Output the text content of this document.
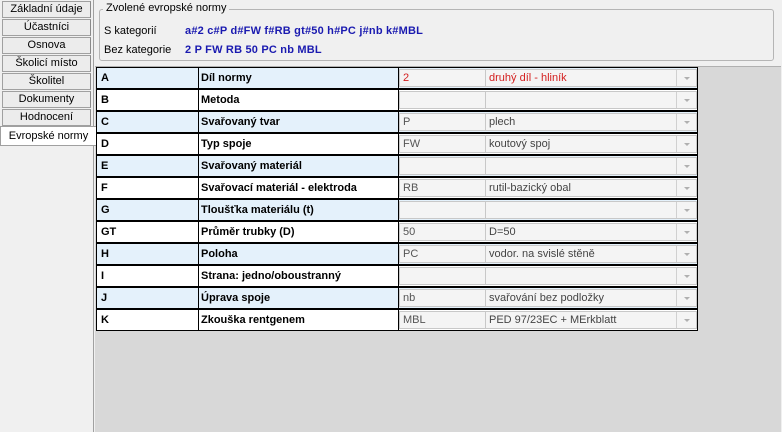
Základní údaje
Účastníci
Osnova
Školicí místo
Školitel
Dokumenty
Hodnocení
Evropské normy
Zvolené evropské normy
S kategorií	a#2 c#P d#FW f#RB gt#50 h#PC j#nb k#MBL
Bez kategorie 2 P FW RB 50 PC nb MBL
A	Díl normy	2	druhý díl - hliník
B	Metoda
C	Svařovaný tvar	P	plech
D	Typ spoje	FW	koutový spoj
E	Svařovaný materiál
F	Svařovací materiál - elektroda	RB	rutil-bazický obal
G	Tloušťka materiálu (t)
GT	Průměr trubky (D)	50	D=50
H	Poloha	PC	vodor. na svislé stěně
I	Strana: jedno/oboustranný
J	Úprava spoje	nb	svařování bez podložky
K	Zkouška rentgenem	MBL	PED 97/23EC + MErkblatt
